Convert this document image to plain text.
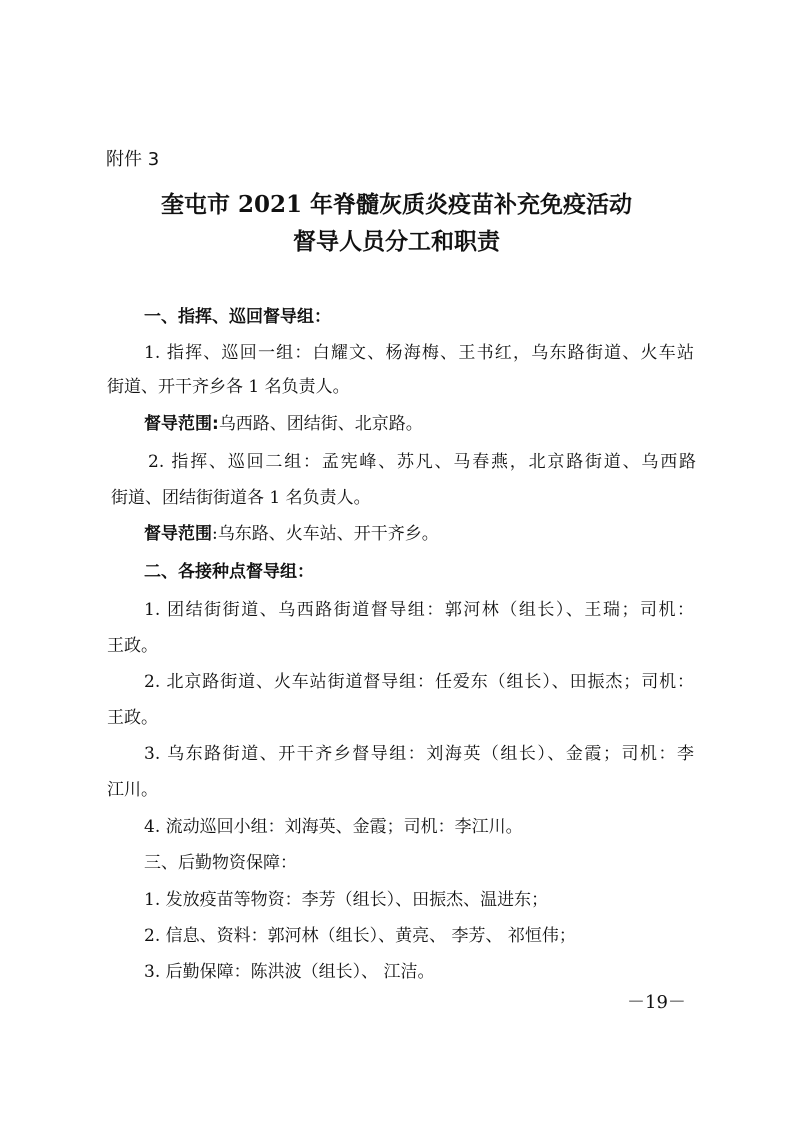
附件 3
奎屯市 2021 年脊髓灰质炎疫苗补充免疫活动
督导人员分工和职责
一、指挥、巡回督导组：
1. 指挥、巡回一组：白耀文、杨海梅、王书红，乌东路街道、火车站
街道、开干齐乡各 1 名负责人。
督导范围:乌西路、团结街、北京路。
2. 指挥、巡回二组：孟宪峰、苏凡、马春燕，北京路街道、乌西路
街道、团结街街道各 1 名负责人。
督导范围:乌东路、火车站、开干齐乡。
二、各接种点督导组：
1. 团结街街道、乌西路街道督导组：郭河林（组长）、王瑞；司机：
王政。
2. 北京路街道、火车站街道督导组：任爱东（组长）、田振杰；司机：
王政。
3. 乌东路街道、开干齐乡督导组：刘海英（组长）、金霞；司机：李
江川。
4. 流动巡回小组：刘海英、金霞；司机：李江川。
三、后勤物资保障：
1. 发放疫苗等物资：李芳（组长）、田振杰、温进东；
2. 信息、资料：郭河林（组长）、黄亮、 李芳、 祁恒伟；
3. 后勤保障：陈洪波（组长）、 江洁。
－19－
